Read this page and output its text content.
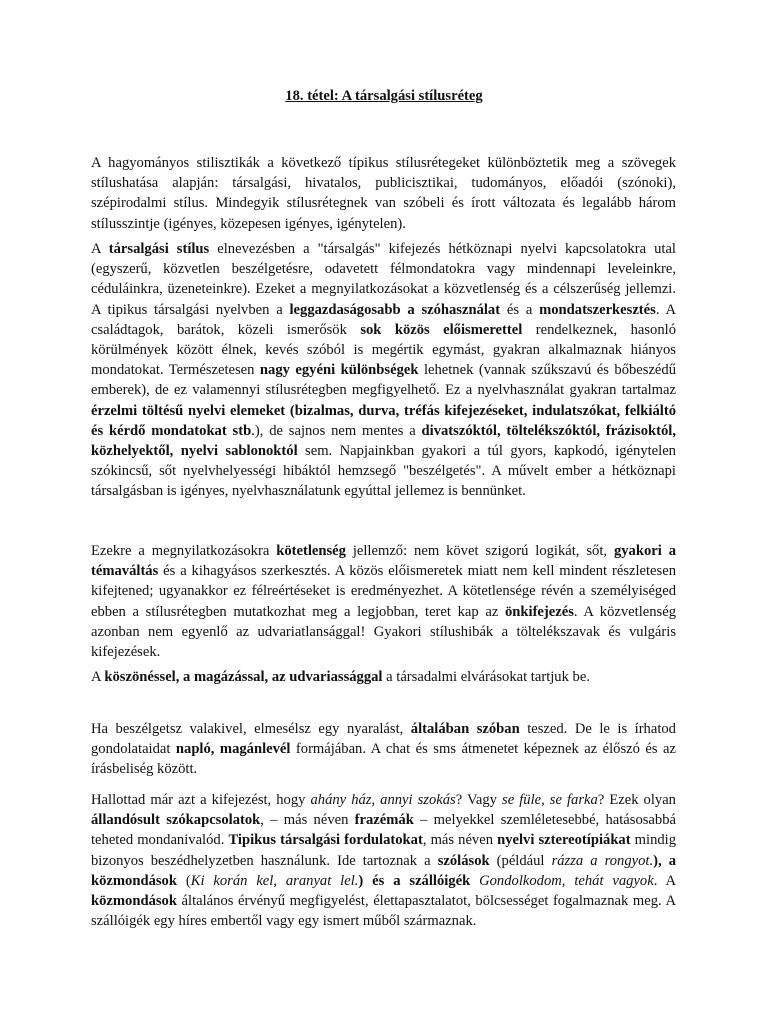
18. tétel: A társalgási stílusréteg

A hagyományos stilisztikák a következő típikus stílusrétegeket különböztetik meg a szövegek stílushatása alapján: társalgási, hivatalos, publicisztikai, tudományos, előadói (szónoki), szépirodalmi stílus. Mindegyik stílusrétegnek van szóbeli és írott változata és legalább három stílusszintje (igényes, közepesen igényes, igénytelen).

A társalgási stílus elnevezésben a "társalgás" kifejezés hétköznapi nyelvi kapcsolatokra utal (egyszerű, közvetlen beszélgetésre, odavetett félmondatokra vagy mindennapi leveleinkre, céduláinkra, üzeneteinkre). Ezeket a megnyilatkozásokat a közvetlenség és a célszerűség jellemzi. A tipikus társalgási nyelvben a leggazdaságosabb a szóhasználat és a mondatszerkesztés. A családtagok, barátok, közeli ismerősök sok közös előismerettel rendelkeznek, hasonló körülmények között élnek, kevés szóból is megértik egymást, gyakran alkalmaznak hiányos mondatokat. Természetesen nagy egyéni különbségek lehetnek (vannak szűkszavú és bőbeszédű emberek), de ez valamennyi stílusrétegben megfigyelhető. Ez a nyelvhasználat gyakran tartalmaz érzelmi töltésű nyelvi elemeket (bizalmas, durva, tréfás kifejezéseket, indulatszókat, felkiáltó és kérdő mondatokat stb.), de sajnos nem mentes a divatszóktól, töltelékszóktól, frázisoktól, közhelyektől, nyelvi sablonoktól sem. Napjainkban gyakori a túl gyors, kapkodó, igénytelen szókincsű, sőt nyelvhelyességi hibáktól hemzsegő "beszélgetés". A művelt ember a hétköznapi társalgásban is igényes, nyelvhasználatunk egyúttal jellemez is bennünket.

Ezekre a megnyilatkozásokra kötetlenség jellemző: nem követ szigorú logikát, sőt, gyakori a témaváltás és a kihagyásos szerkesztés. A közös előismeretek miatt nem kell mindent részletesen kifejtened; ugyanakkor ez félreértéseket is eredményezhet. A kötetlensége révén a személyiséged ebben a stílusrétegben mutatkozhat meg a legjobban, teret kap az önkifejezés. A közvetlenség azonban nem egyenlő az udvariatlansággal! Gyakori stílushibák a töltelékszavak és vulgáris kifejezések.

A köszönéssel, a magázással, az udvariassággal a társadalmi elvárásokat tartjuk be.

Ha beszélgetsz valakivel, elmesélsz egy nyaralást, általában szóban teszed. De le is írhatod gondolataidat napló, magánlevél formájában. A chat és sms átmenetet képeznek az élőszó és az írásbeliség között.

Hallottad már azt a kifejezést, hogy ahány ház, annyi szokás? Vagy se füle, se farka? Ezek olyan állandósult szókapcsolatok, – más néven frazémák – melyekkel szemléletesebbé, hatásosabbá teheted mondanivalód. Tipikus társalgási fordulatokat, más néven nyelvi sztereotípiákat mindig bizonyos beszédhelyzetben használunk. Ide tartoznak a szólások (például rázza a rongyot.), a közmondások (Ki korán kel, aranyat lel.) és a szállóigék Gondolkodom, tehát vagyok. A közmondások általános érvényű megfigyelést, élettapasztalatot, bölcsességet fogalmaznak meg. A szállóigék egy híres embertől vagy egy ismert műből származnak.
